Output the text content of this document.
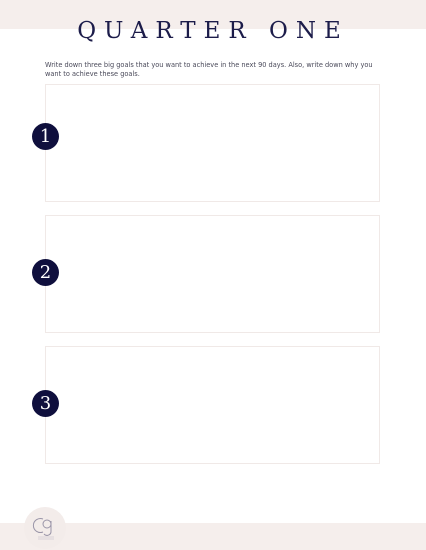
QUARTER ONE

Write down three big goals that you want to achieve in the next 90 days. Also, write down why you want to achieve these goals.

1
2
3
